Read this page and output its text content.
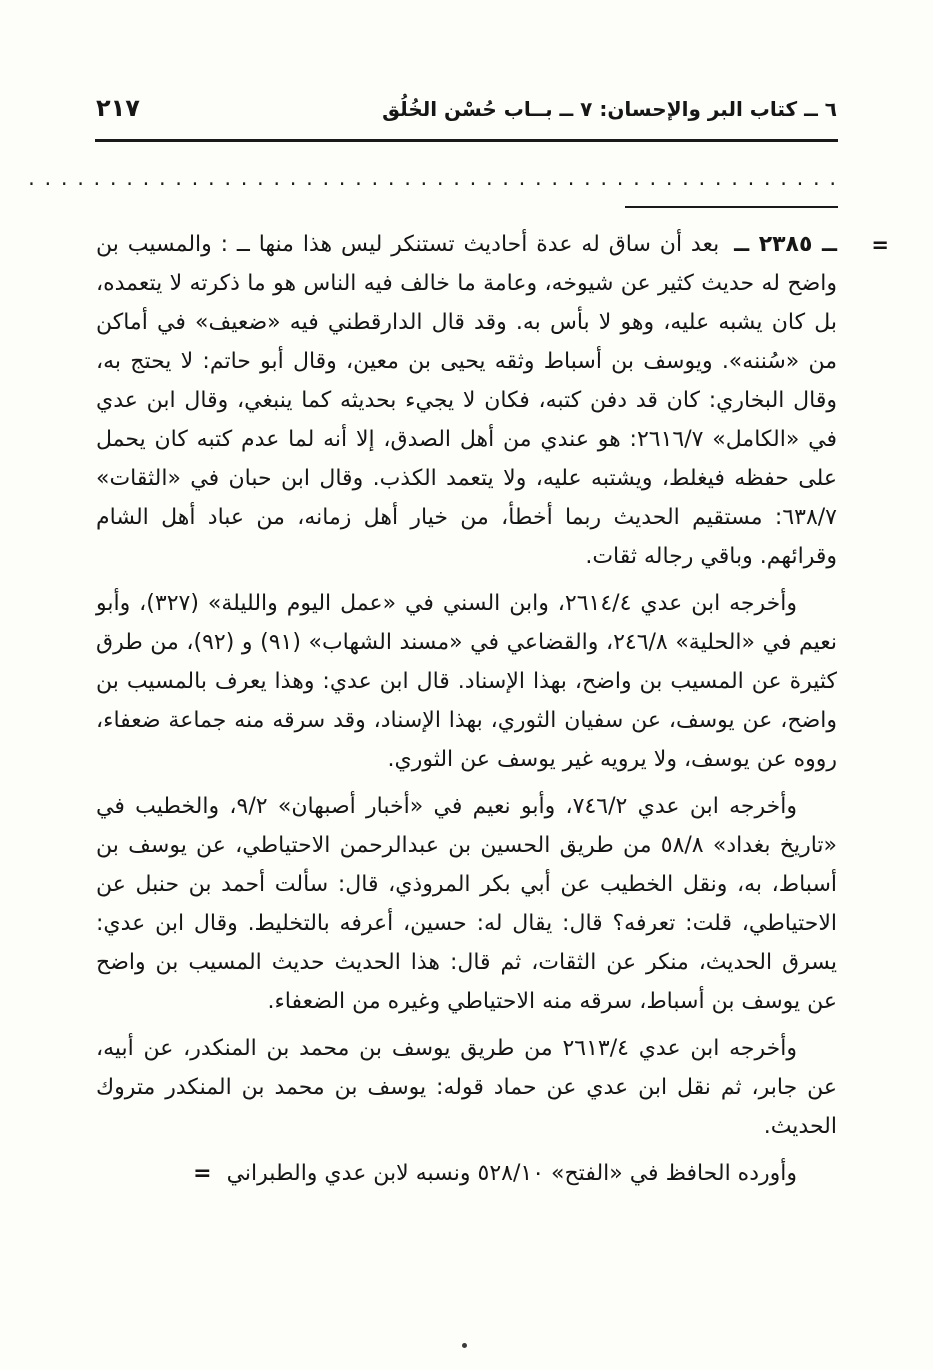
٦ ــ كتاب البر والإحسان: ٧ ــ بــاب حُسْن الخُلُق
٢١٧
. . . . . . . . . . . . . . . . . . . . . . . . . . . . . . . . . . . . . . . . . . . . . . . . . .
=
ــ ٢٣٨٥ ــ بعد أن ساق له عدة أحاديث تستنكر ليس هذا منها ــ : والمسيب بن واضح له حديث كثير عن شيوخه، وعامة ما خالف فيه الناس هو ما ذكرته لا يتعمده، بل كان يشبه عليه، وهو لا بأس به. وقد قال الدارقطني فيه «ضعيف» في أماكن من «سُننه». ويوسف بن أسباط وثقه يحيى بن معين، وقال أبو حاتم: لا يحتج به، وقال البخاري: كان قد دفن كتبه، فكان لا يجيء بحديثه كما ينبغي، وقال ابن عدي في «الكامل» ٢٦١٦/٧: هو عندي من أهل الصدق، إلا أنه لما عدم كتبه كان يحمل على حفظه فيغلط، ويشتبه عليه، ولا يتعمد الكذب. وقال ابن حبان في «الثقات» ٦٣٨/٧: مستقيم الحديث ربما أخطأ، من خيار أهل زمانه، من عباد أهل الشام وقرائهم. وباقي رجاله ثقات.
وأخرجه ابن عدي ٢٦١٤/٤، وابن السني في «عمل اليوم والليلة» (٣٢٧)، وأبو نعيم في «الحلية» ٢٤٦/٨، والقضاعي في «مسند الشهاب» (٩١) و (٩٢)، من طرق كثيرة عن المسيب بن واضح، بهذا الإسناد. قال ابن عدي: وهذا يعرف بالمسيب بن واضح، عن يوسف، عن سفيان الثوري، بهذا الإسناد، وقد سرقه منه جماعة ضعفاء، رووه عن يوسف، ولا يرويه غير يوسف عن الثوري.
وأخرجه ابن عدي ٧٤٦/٢، وأبو نعيم في «أخبار أصبهان» ٩/٢، والخطيب في «تاريخ بغداد» ٥٨/٨ من طريق الحسين بن عبدالرحمن الاحتياطي، عن يوسف بن أسباط، به، ونقل الخطيب عن أبي بكر المروذي، قال: سألت أحمد بن حنبل عن الاحتياطي، قلت: تعرفه؟ قال: يقال له: حسين، أعرفه بالتخليط. وقال ابن عدي: يسرق الحديث، منكر عن الثقات، ثم قال: هذا الحديث حديث المسيب بن واضح عن يوسف بن أسباط، سرقه منه الاحتياطي وغيره من الضعفاء.
وأخرجه ابن عدي ٢٦١٣/٤ من طريق يوسف بن محمد بن المنكدر، عن أبيه، عن جابر، ثم نقل ابن عدي عن حماد قوله: يوسف بن محمد بن المنكدر متروك الحديث.
وأورده الحافظ في «الفتح» ٥٢٨/١٠ ونسبه لابن عدي والطبراني =
